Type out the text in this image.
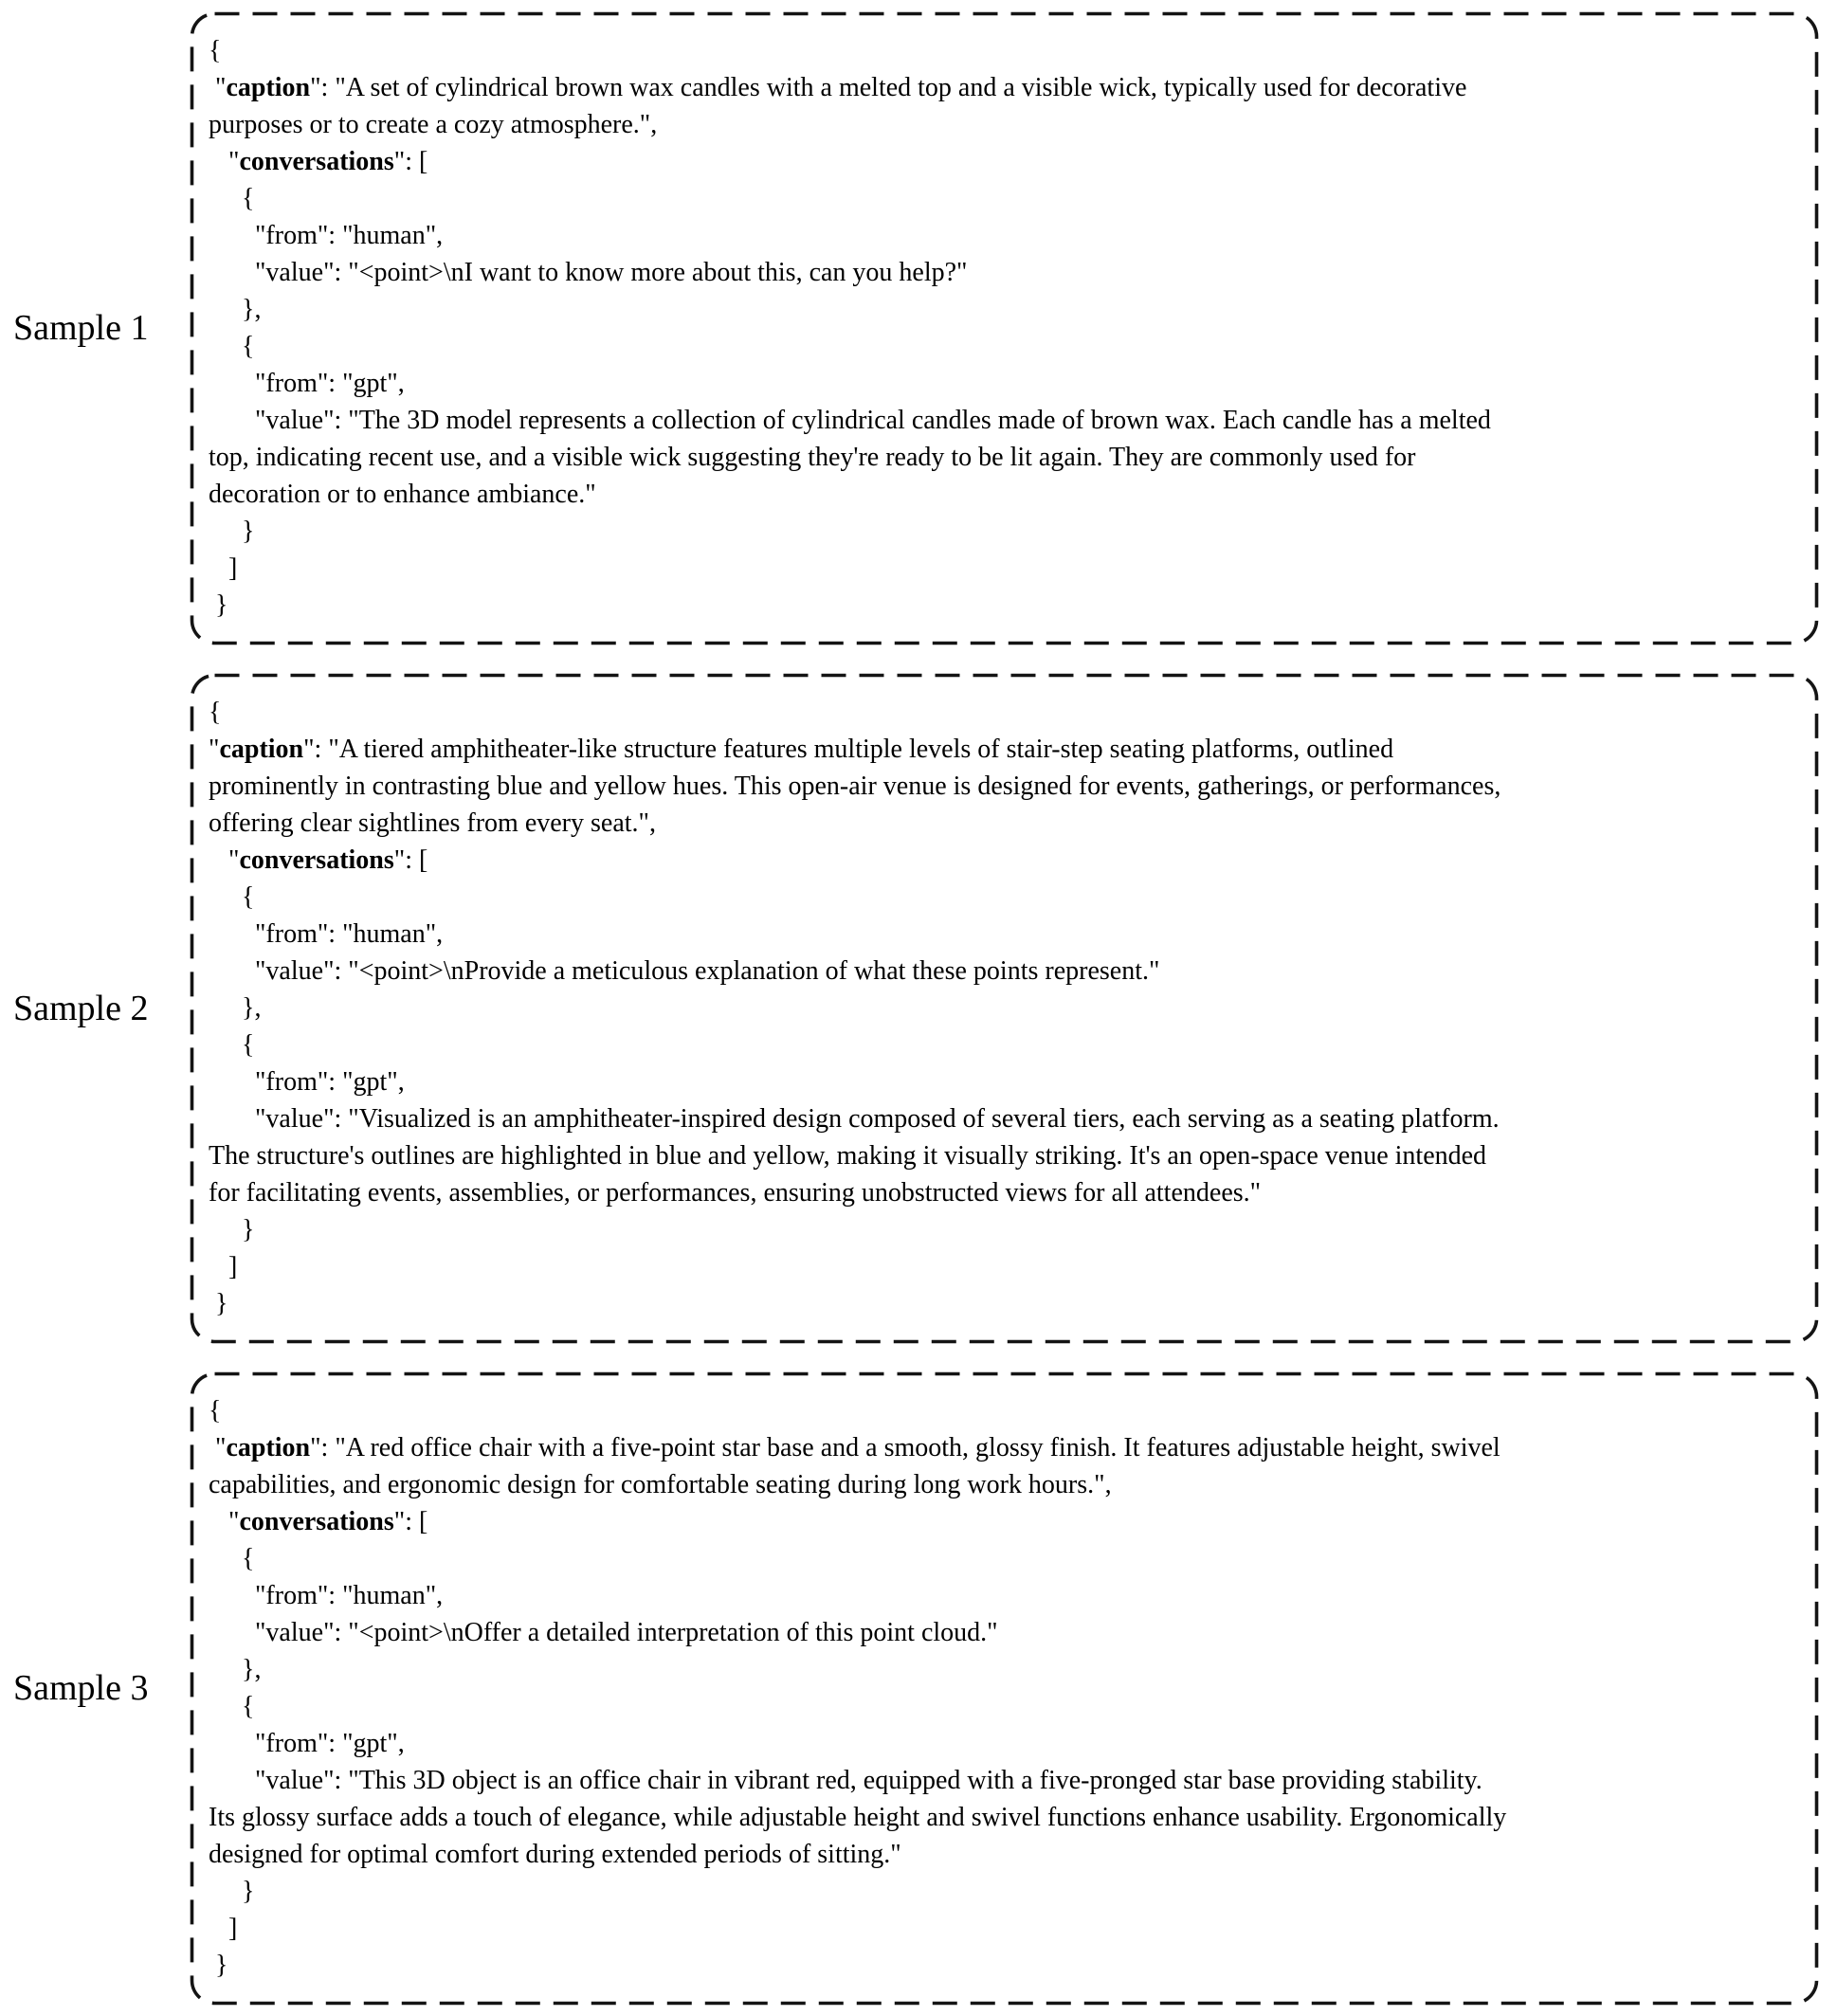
Sample 1
{
"caption": "A set of cylindrical brown wax candles with a melted top and a visible wick, typically used for decorative
purposes or to create a cozy atmosphere.",
"conversations": [
{
"from": "human",
"value": "<point>\nI want to know more about this, can you help?"
},
{
"from": "gpt",
"value": "The 3D model represents a collection of cylindrical candles made of brown wax. Each candle has a melted
top, indicating recent use, and a visible wick suggesting they're ready to be lit again. They are commonly used for
decoration or to enhance ambiance."
}
]
}
Sample 2
{
"caption": "A tiered amphitheater-like structure features multiple levels of stair-step seating platforms, outlined
prominently in contrasting blue and yellow hues. This open-air venue is designed for events, gatherings, or performances,
offering clear sightlines from every seat.",
"conversations": [
{
"from": "human",
"value": "<point>\nProvide a meticulous explanation of what these points represent."
},
{
"from": "gpt",
"value": "Visualized is an amphitheater-inspired design composed of several tiers, each serving as a seating platform.
The structure's outlines are highlighted in blue and yellow, making it visually striking. It's an open-space venue intended
for facilitating events, assemblies, or performances, ensuring unobstructed views for all attendees."
}
]
}
Sample 3
{
"caption": "A red office chair with a five-point star base and a smooth, glossy finish. It features adjustable height, swivel
capabilities, and ergonomic design for comfortable seating during long work hours.",
"conversations": [
{
"from": "human",
"value": "<point>\nOffer a detailed interpretation of this point cloud."
},
{
"from": "gpt",
"value": "This 3D object is an office chair in vibrant red, equipped with a five-pronged star base providing stability.
Its glossy surface adds a touch of elegance, while adjustable height and swivel functions enhance usability. Ergonomically
designed for optimal comfort during extended periods of sitting."
}
]
}
